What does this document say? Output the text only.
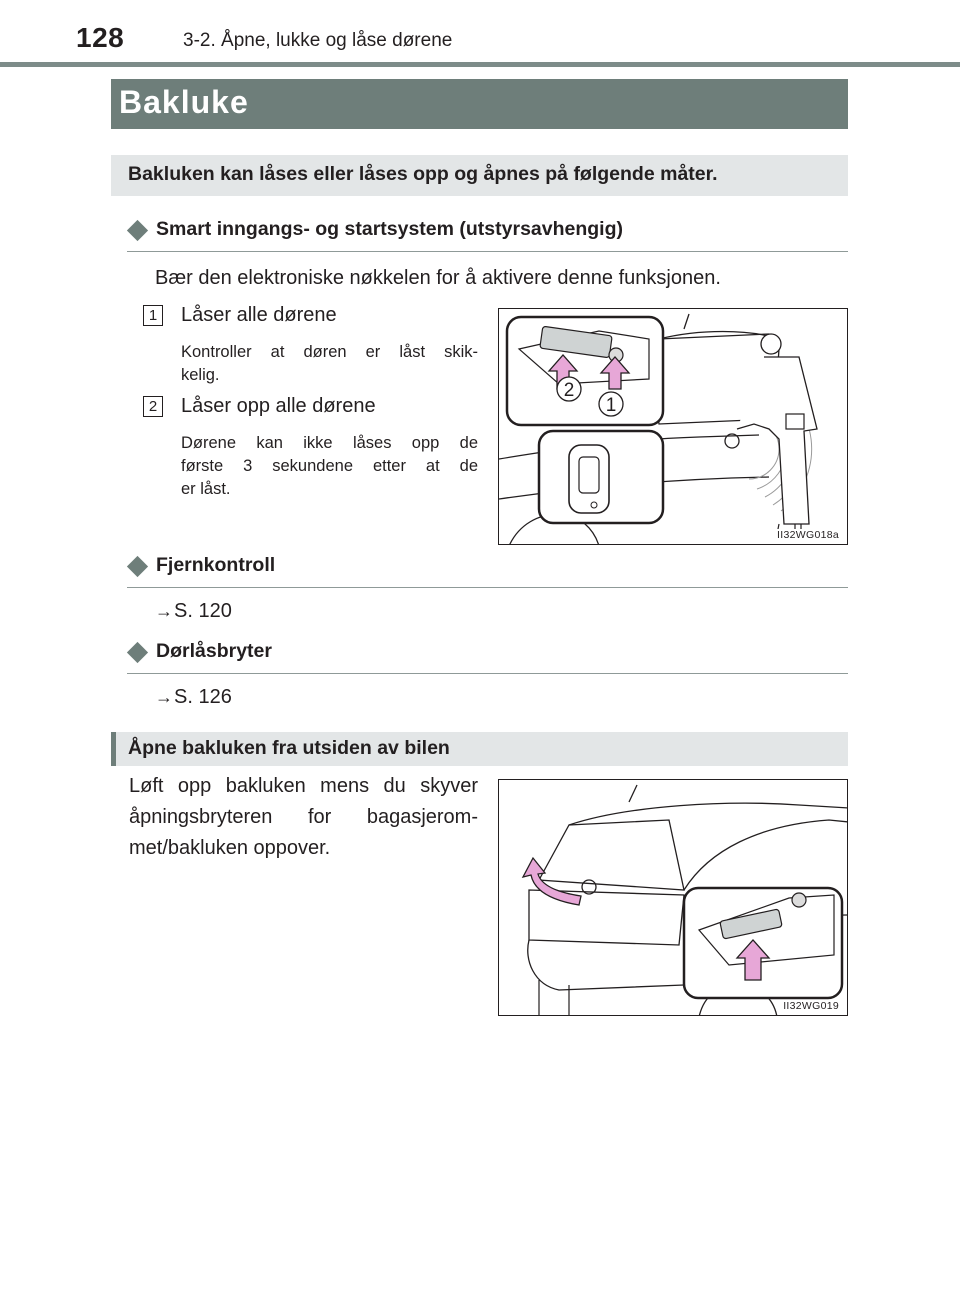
128	3-2. Åpne, lukke og låse dørene
Bakluke
Bakluken kan låses eller låses opp og åpnes på følgende måter.
Smart inngangs- og startsystem (utstyrsavhengig)
Bær den elektroniske nøkkelen for å aktivere denne funksjonen.
1 Låser alle dørene
Kontroller at døren er låst skik-
kelig.
2 Låser opp alle dørene
Dørene kan ikke låses opp de
første 3 sekundene etter at de
er låst.
2
1
II32WG018a
Fjernkontroll
→S. 120
Dørlåsbryter
→S. 126
Åpne bakluken fra utsiden av bilen
Løft opp bakluken mens du skyver
åpningsbryteren for bagasjerom-
met/bakluken oppover.
II32WG019
